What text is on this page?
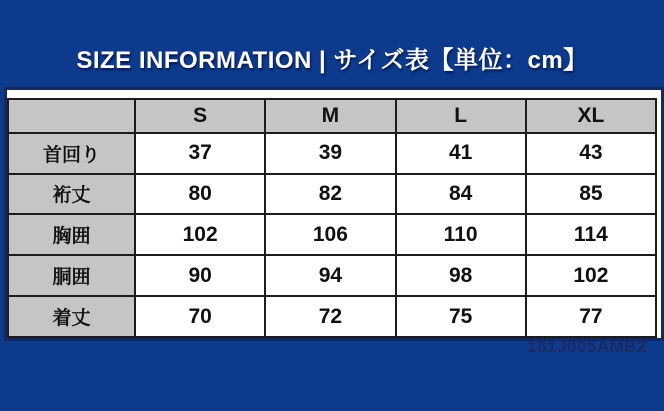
SIZE INFORMATION | サイズ表【単位：cm】
	S	M	L	XL
首回り	37	39	41	43
裄丈	80	82	84	85
胸囲	102	106	110	114
胴囲	90	94	98	102
着丈	70	72	75	77
181J005AMB2
